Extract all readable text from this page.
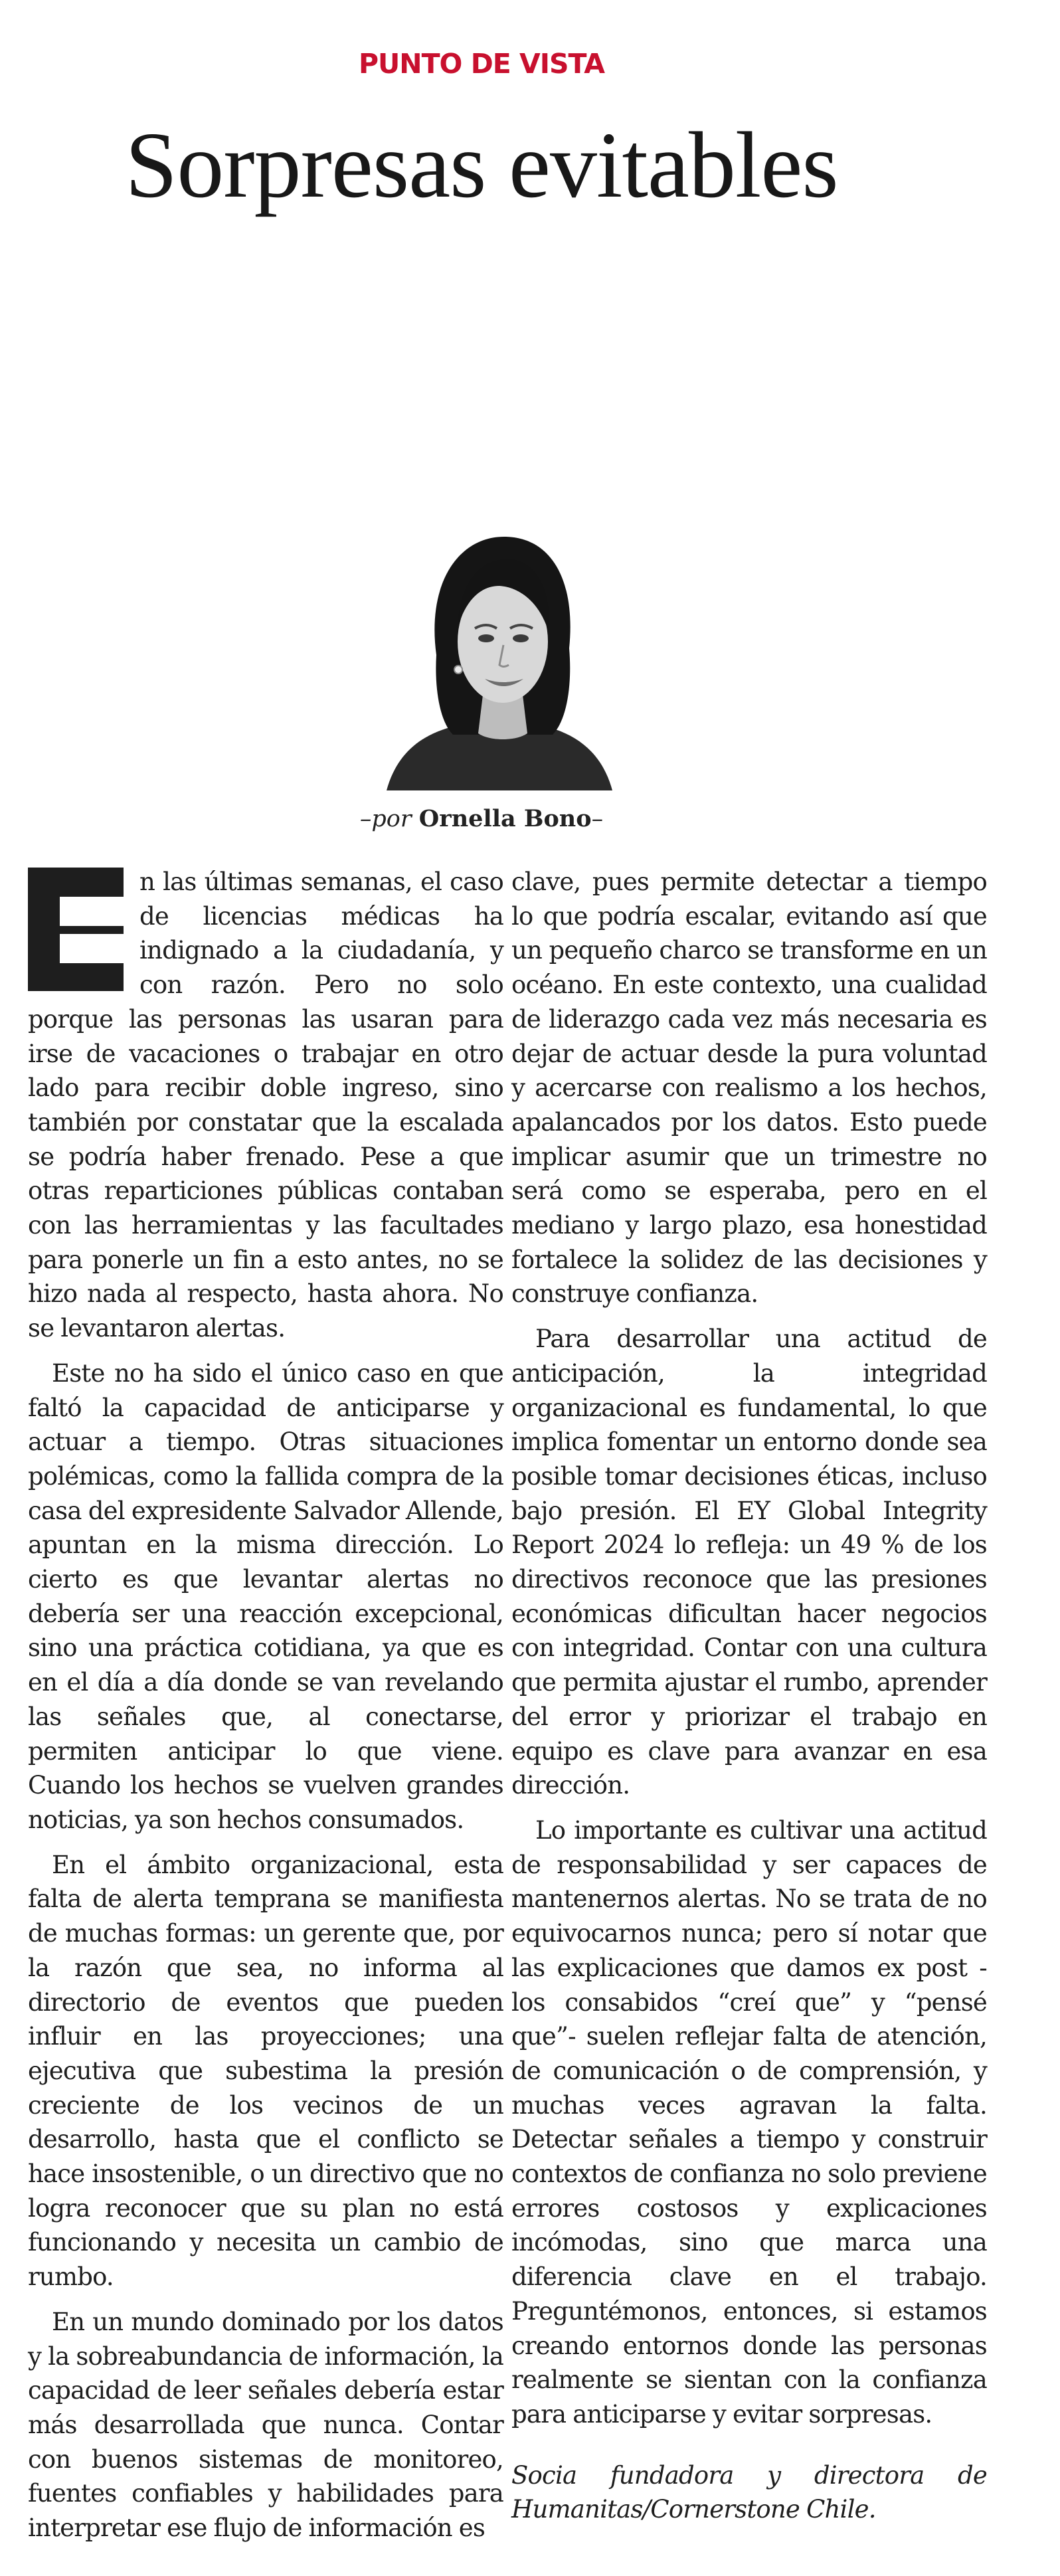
PUNTO DE VISTA
Sorpresas evitables
–por Ornella Bono–

n las últimas semanas, el caso de licencias médicas ha indignado a la ciudadanía, y con razón. Pero no solo porque las personas las usaran para irse de vacaciones o trabajar en otro lado para recibir doble ingreso, sino también por constatar que la escalada se podría haber frenado. Pese a que otras reparticiones públicas contaban con las herramientas y las facultades para ponerle un fin a esto antes, no se hizo nada al respecto, hasta ahora. No se levantaron alertas.

Este no ha sido el único caso en que faltó la capacidad de anticiparse y actuar a tiempo. Otras situaciones polémicas, como la fallida compra de la casa del expresidente Salvador Allende, apuntan en la misma dirección. Lo cierto es que levantar alertas no debería ser una reacción excepcional, sino una práctica cotidiana, ya que es en el día a día donde se van revelando las señales que, al conectarse, permiten anticipar lo que viene. Cuando los hechos se vuelven grandes noticias, ya son hechos consumados.

En el ámbito organizacional, esta falta de alerta temprana se manifiesta de muchas formas: un gerente que, por la razón que sea, no informa al directorio de eventos que pueden influir en las proyecciones; una ejecutiva que subestima la presión creciente de los vecinos de un desarrollo, hasta que el conflicto se hace insostenible, o un directivo que no logra reconocer que su plan no está funcionando y necesita un cambio de rumbo.

En un mundo dominado por los datos y la sobreabundancia de información, la capacidad de leer señales debería estar más desarrollada que nunca. Contar con buenos sistemas de monitoreo, fuentes confiables y habilidades para interpretar ese flujo de información es

clave, pues permite detectar a tiempo lo que podría escalar, evitando así que un pequeño charco se transforme en un océano. En este contexto, una cualidad de liderazgo cada vez más necesaria es dejar de actuar desde la pura voluntad y acercarse con realismo a los hechos, apalancados por los datos. Esto puede implicar asumir que un trimestre no será como se esperaba, pero en el mediano y largo plazo, esa honestidad fortalece la solidez de las decisiones y construye confianza.

Para desarrollar una actitud de anticipación, la integridad organizacional es fundamental, lo que implica fomentar un entorno donde sea posible tomar decisiones éticas, incluso bajo presión. El EY Global Integrity Report 2024 lo refleja: un 49 % de los directivos reconoce que las presiones económicas dificultan hacer negocios con integridad. Contar con una cultura que permita ajustar el rumbo, aprender del error y priorizar el trabajo en equipo es clave para avanzar en esa dirección.

Lo importante es cultivar una actitud de responsabilidad y ser capaces de mantenernos alertas. No se trata de no equivocarnos nunca; pero sí notar que las explicaciones que damos ex post -los consabidos “creí que” y “pensé que”- suelen reflejar falta de atención, de comunicación o de comprensión, y muchas veces agravan la falta. Detectar señales a tiempo y construir contextos de confianza no solo previene errores costosos y explicaciones incómodas, sino que marca una diferencia clave en el trabajo. Preguntémonos, entonces, si estamos creando entornos donde las personas realmente se sientan con la confianza para anticiparse y evitar sorpresas.

Socia fundadora y directora de Humanitas/Cornerstone Chile.
